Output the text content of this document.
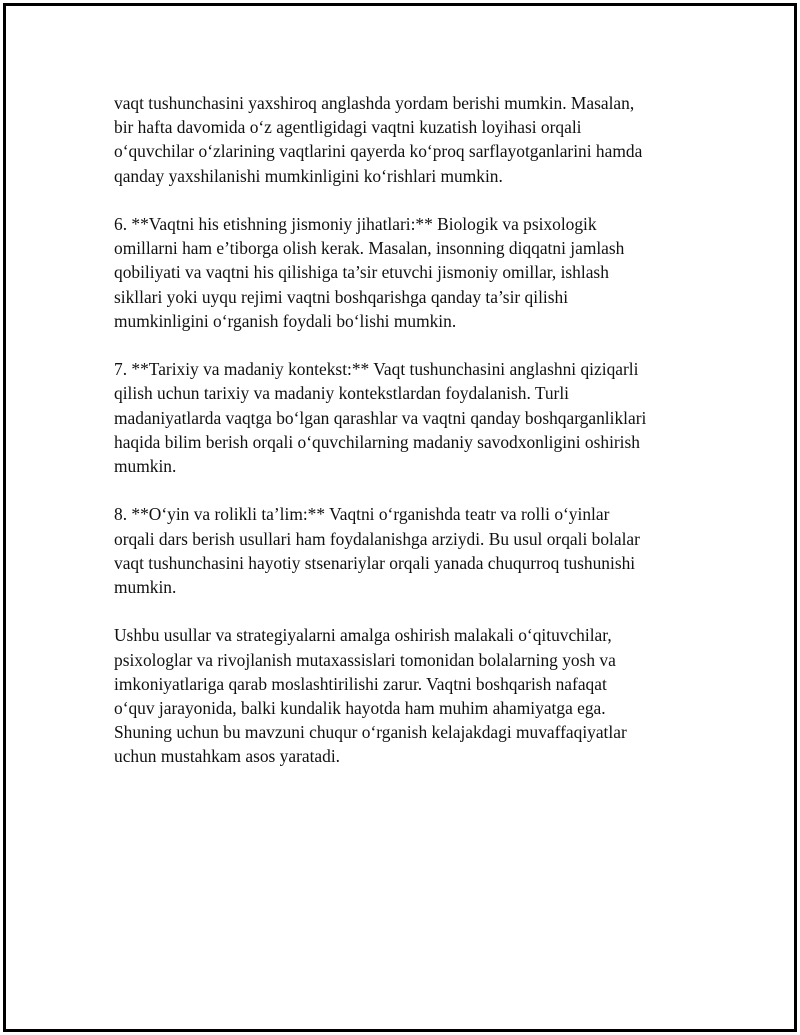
vaqt tushunchasini yaxshiroq anglashda yordam berishi mumkin. Masalan,
bir hafta davomida o‘z agentligidagi vaqtni kuzatish loyihasi orqali
o‘quvchilar o‘zlarining vaqtlarini qayerda ko‘proq sarflayotganlarini hamda
qanday yaxshilanishi mumkinligini ko‘rishlari mumkin.

6. **Vaqtni his etishning jismoniy jihatlari:** Biologik va psixologik
omillarni ham e’tiborga olish kerak. Masalan, insonning diqqatni jamlash
qobiliyati va vaqtni his qilishiga ta’sir etuvchi jismoniy omillar, ishlash
sikllari yoki uyqu rejimi vaqtni boshqarishga qanday ta’sir qilishi
mumkinligini o‘rganish foydali bo‘lishi mumkin.

7. **Tarixiy va madaniy kontekst:** Vaqt tushunchasini anglashni qiziqarli
qilish uchun tarixiy va madaniy kontekstlardan foydalanish. Turli
madaniyatlarda vaqtga bo‘lgan qarashlar va vaqtni qanday boshqarganliklari
haqida bilim berish orqali o‘quvchilarning madaniy savodxonligini oshirish
mumkin.

8. **O‘yin va rolikli ta’lim:** Vaqtni o‘rganishda teatr va rolli o‘yinlar
orqali dars berish usullari ham foydalanishga arziydi. Bu usul orqali bolalar
vaqt tushunchasini hayotiy stsenariylar orqali yanada chuqurroq tushunishi
mumkin.

Ushbu usullar va strategiyalarni amalga oshirish malakali o‘qituvchilar,
psixologlar va rivojlanish mutaxassislari tomonidan bolalarning yosh va
imkoniyatlariga qarab moslashtirilishi zarur. Vaqtni boshqarish nafaqat
o‘quv jarayonida, balki kundalik hayotda ham muhim ahamiyatga ega.
Shuning uchun bu mavzuni chuqur o‘rganish kelajakdagi muvaffaqiyatlar
uchun mustahkam asos yaratadi.
